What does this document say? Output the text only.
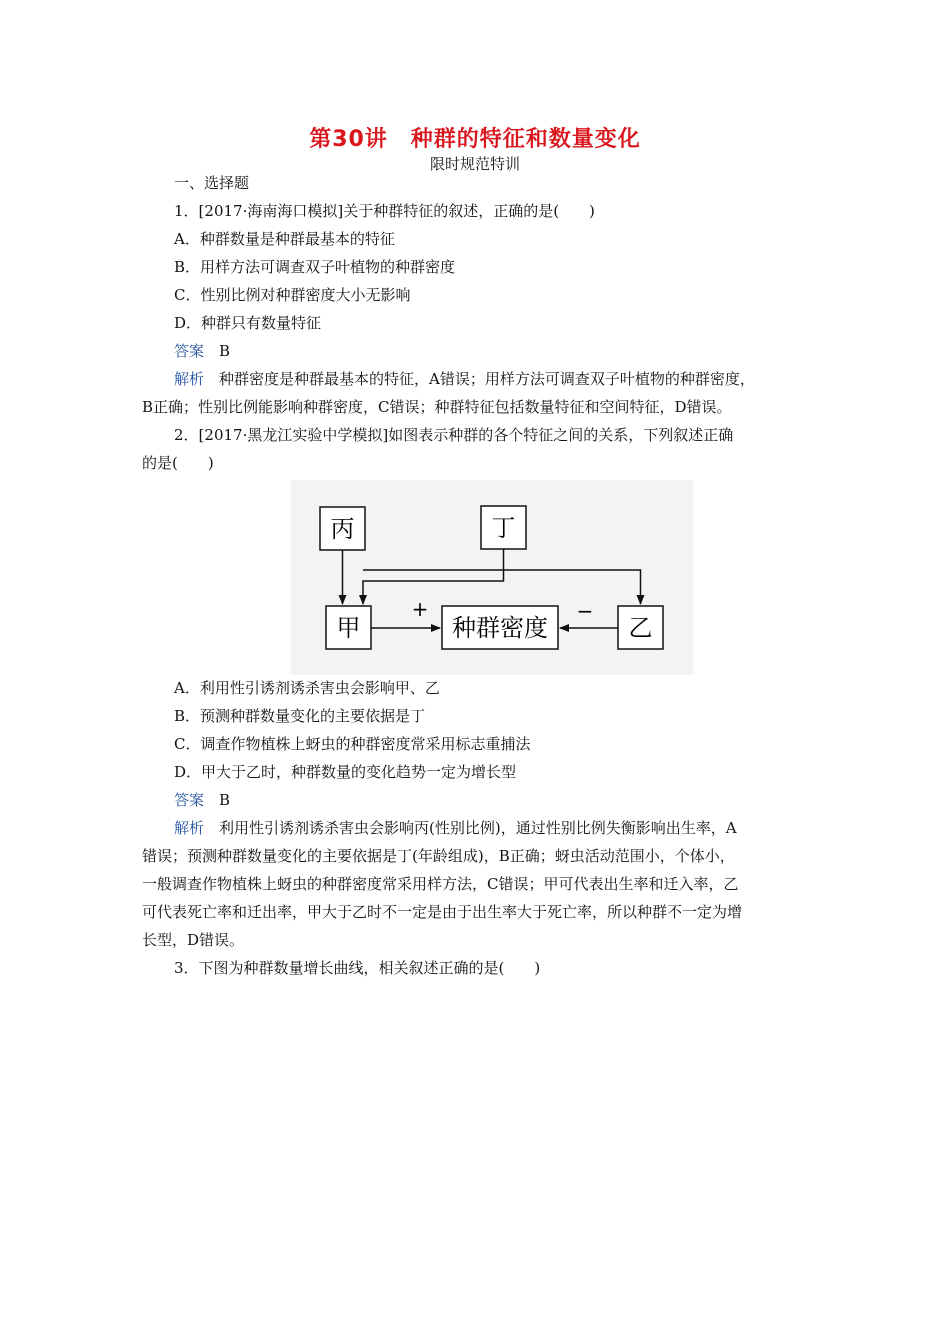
第30讲　种群的特征和数量变化
限时规范特训
一、选择题
1．[2017·海南海口模拟]关于种群特征的叙述，正确的是(　　)
A．种群数量是种群最基本的特征
B．用样方法可调查双子叶植物的种群密度
C．性别比例对种群密度大小无影响
D．种群只有数量特征
答案　 B
解析　 种群密度是种群最基本的特征，A错误；用样方法可调查双子叶植物的种群密度，
B正确；性别比例能影响种群密度，C错误；种群特征包括数量特征和空间特征，D错误。
2．[2017·黑龙江实验中学模拟]如图表示种群的各个特征之间的关系，下列叙述正确
的是(　　)
丙	丁
甲	种群密度	乙
+	−
A．利用性引诱剂诱杀害虫会影响甲、乙
B．预测种群数量变化的主要依据是丁
C．调查作物植株上蚜虫的种群密度常采用标志重捕法
D．甲大于乙时，种群数量的变化趋势一定为增长型
答案　 B
解析　 利用性引诱剂诱杀害虫会影响丙(性别比例)，通过性别比例失衡影响出生率，A
错误；预测种群数量变化的主要依据是丁(年龄组成)，B正确；蚜虫活动范围小，个体小，
一般调查作物植株上蚜虫的种群密度常采用样方法，C错误；甲可代表出生率和迁入率，乙
可代表死亡率和迁出率，甲大于乙时不一定是由于出生率大于死亡率，所以种群不一定为增
长型，D错误。
3．下图为种群数量增长曲线，相关叙述正确的是(　　)
